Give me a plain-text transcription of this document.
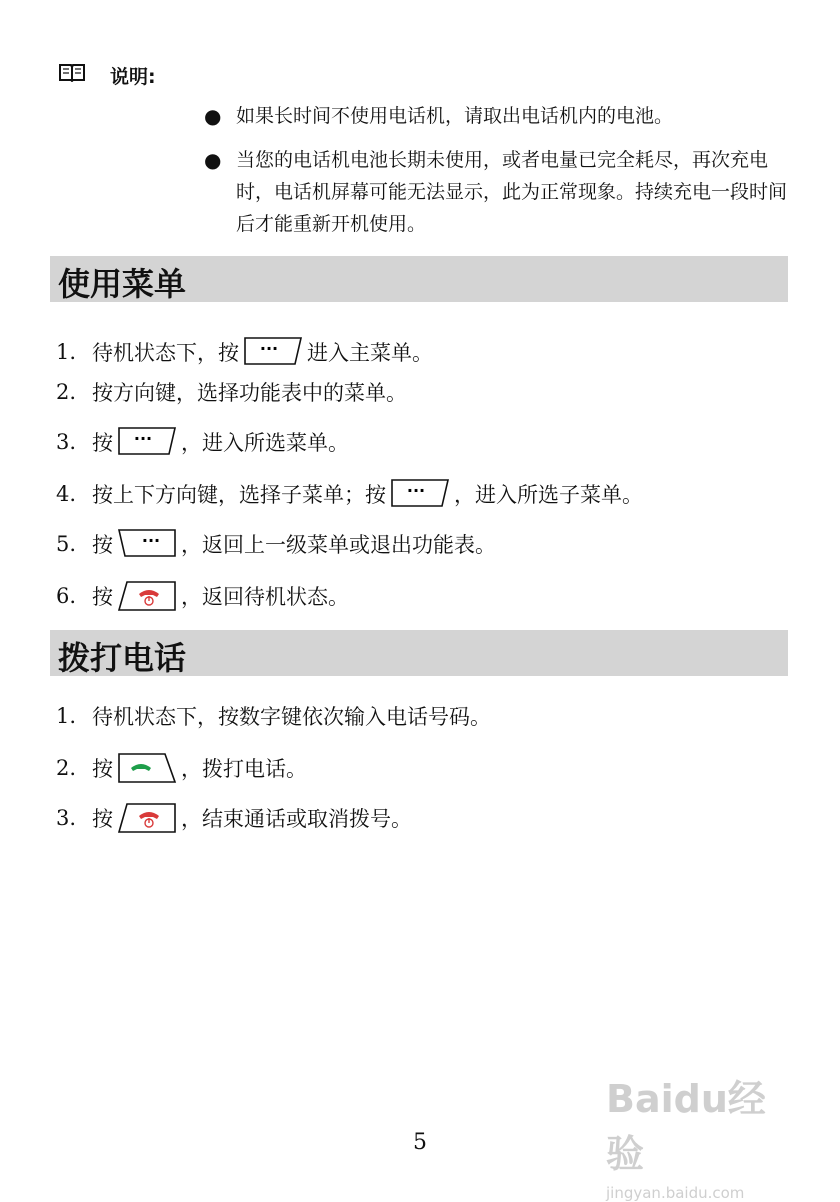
说明:
● 如果长时间不使用电话机，请取出电话机内的电池。
● 当您的电话机电池长期未使用，或者电量已完全耗尽，再次充电时，电话机屏幕可能无法显示，此为正常现象。持续充电一段时间后才能重新开机使用。
使用菜单
1. 待机状态下，按 ··· 进入主菜单。
2. 按方向键，选择功能表中的菜单。
3. 按 ··· ，进入所选菜单。
4. 按上下方向键，选择子菜单；按 ··· ，进入所选子菜单。
5. 按 ··· ，返回上一级菜单或退出功能表。
6. 按	，返回待机状态。
拨打电话
1. 待机状态下，按数字键依次输入电话号码。
2. 按	，拨打电话。
3. 按	，结束通话或取消拨号。
Baidu经验
jingyan.baidu.com
5
